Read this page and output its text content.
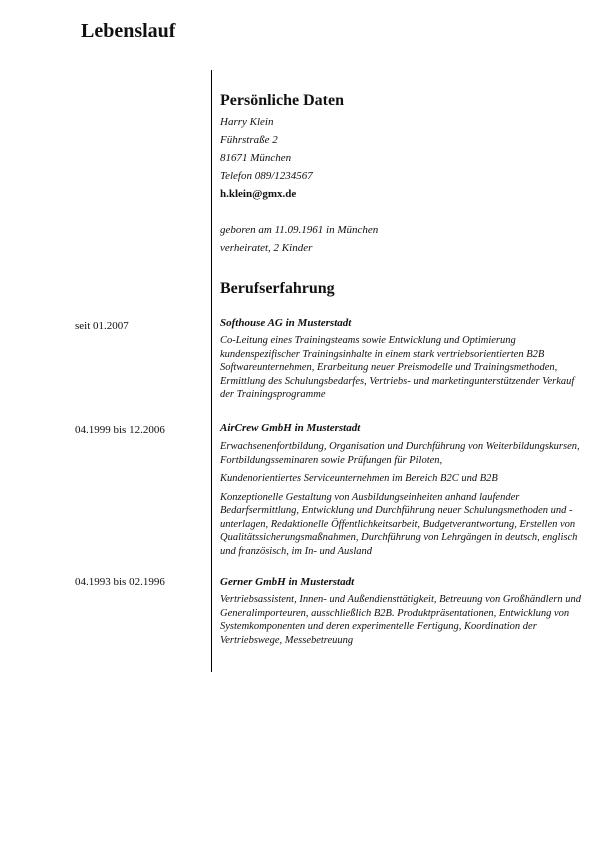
Lebenslauf
Persönliche Daten
Harry Klein
Führstraße 2
81671 München
Telefon 089/1234567
h.klein@gmx.de
geboren am 11.09.1961 in München
verheiratet, 2 Kinder
Berufserfahrung
seit 01.2007	Softhouse AG in Musterstadt

Co-Leitung eines Trainingsteams sowie Entwicklung und Optimierung kundenspezifischer Trainingsinhalte in einem stark vertriebsorientierten B2B Softwareunternehmen, Erarbeitung neuer Preismodelle und Trainingsmethoden, Ermittlung des Schulungsbedarfes, Vertriebs- und marketingunterstützender Verkauf der Trainingsprogramme

04.1999 bis 12.2006	AirCrew GmbH in Musterstadt

Erwachsenenfortbildung, Organisation und Durchführung von Weiterbildungskursen, Fortbildungsseminaren sowie Prüfungen für Piloten,

Kundenorientiertes Serviceunternehmen im Bereich B2C und B2B

Konzeptionelle Gestaltung von Ausbildungseinheiten anhand laufender Bedarfsermittlung, Entwicklung und Durchführung neuer Schulungsmethoden und -unterlagen, Redaktionelle Öffentlichkeitsarbeit, Budgetverantwortung, Erstellen von Qualitätssicherungsmaßnahmen, Durchführung von Lehrgängen in deutsch, englisch und französisch, im In- und Ausland

04.1993 bis 02.1996	Gerner GmbH in Musterstadt

Vertriebsassistent, Innen- und Außendiensttätigkeit, Betreuung von Großhändlern und Generalimporteuren, ausschließlich B2B. Produktpräsentationen, Entwicklung von Systemkomponenten und deren experimentelle Fertigung, Koordination der Vertriebswege, Messebetreuung
